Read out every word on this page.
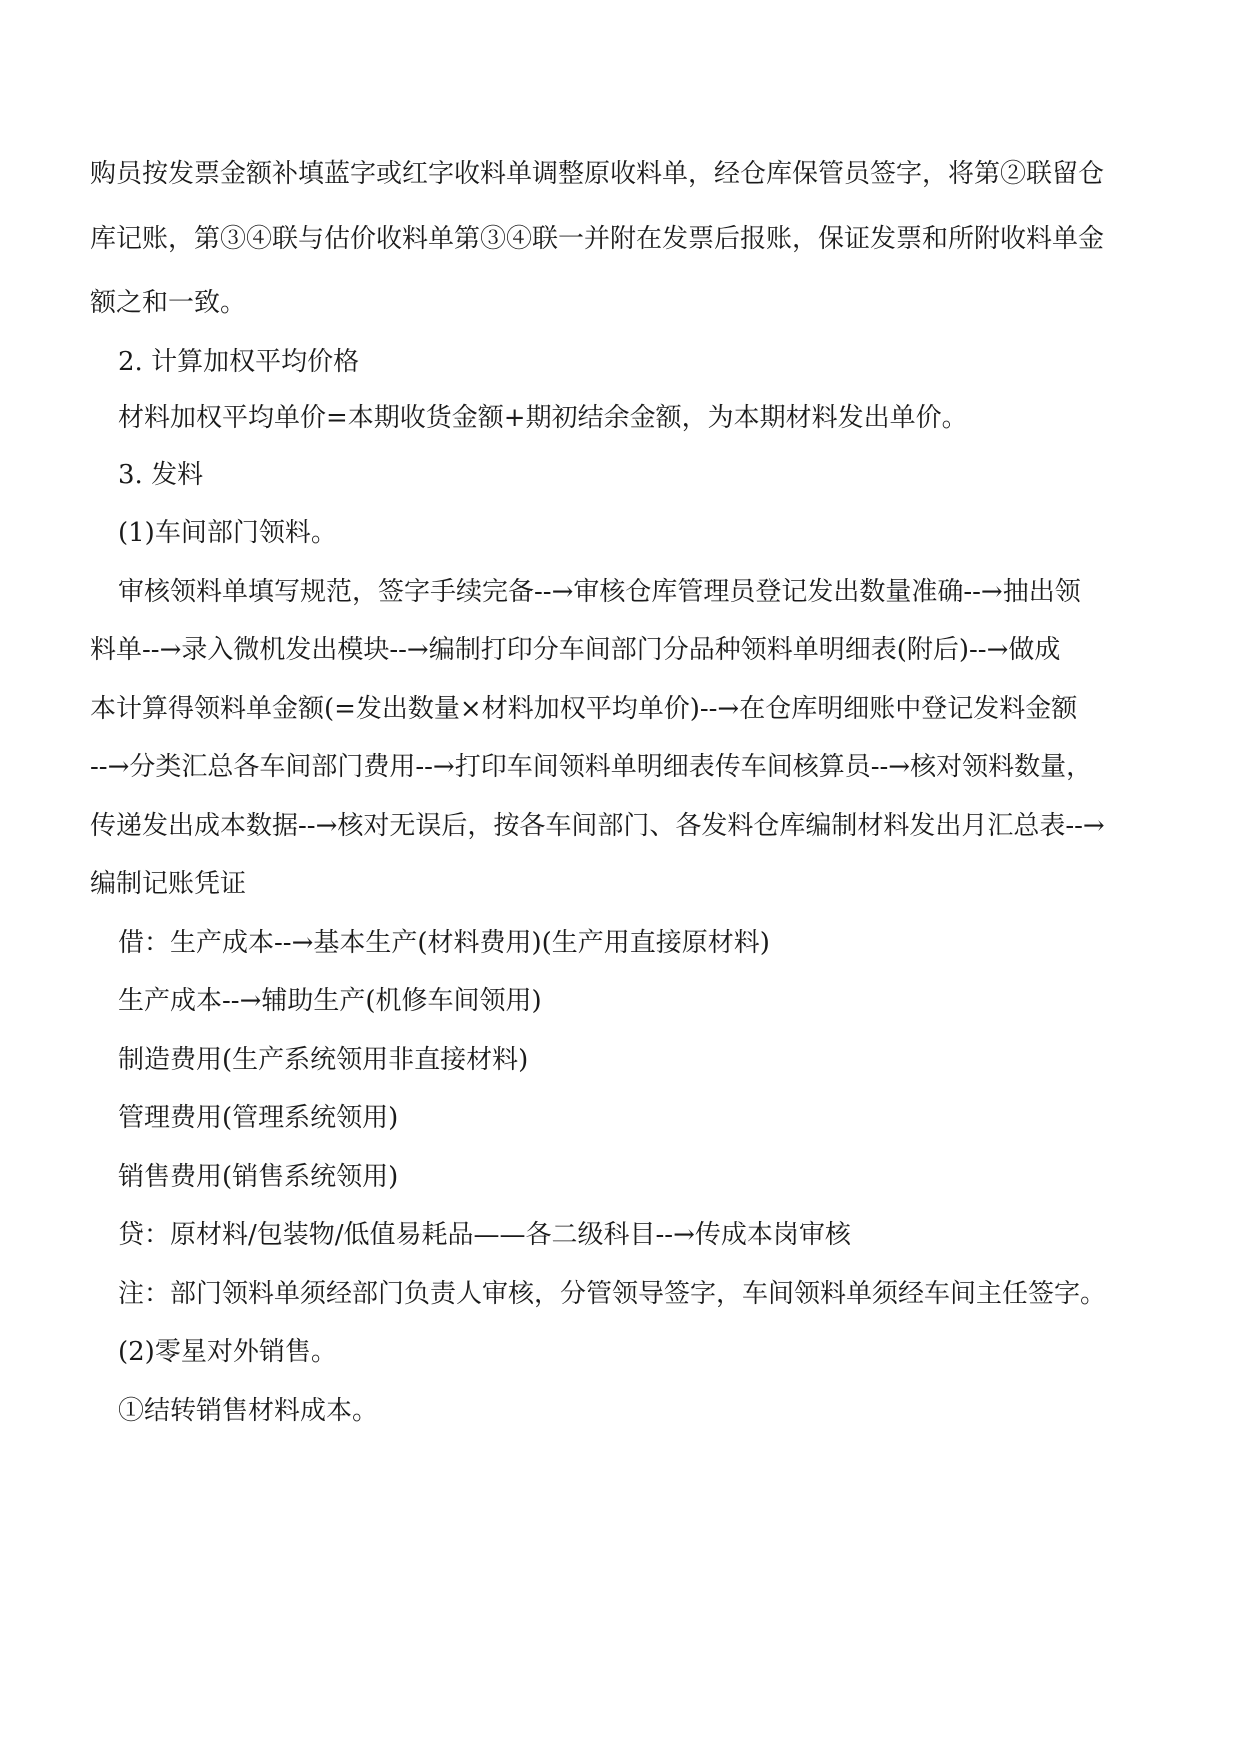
购员按发票金额补填蓝字或红字收料单调整原收料单，经仓库保管员签字，将第②联留仓

库记账，第③④联与估价收料单第③④联一并附在发票后报账，保证发票和所附收料单金

额之和一致。

2. 计算加权平均价格

材料加权平均单价=本期收货金额+期初结余金额，为本期材料发出单价。

3. 发料

(1)车间部门领料。

审核领料单填写规范，签字手续完备--→审核仓库管理员登记发出数量准确--→抽出领

料单--→录入微机发出模块--→编制打印分车间部门分品种领料单明细表(附后)--→做成

本计算得领料单金额(=发出数量×材料加权平均单价)--→在仓库明细账中登记发料金额

--→分类汇总各车间部门费用--→打印车间领料单明细表传车间核算员--→核对领料数量，

传递发出成本数据--→核对无误后，按各车间部门、各发料仓库编制材料发出月汇总表--→

编制记账凭证

借：生产成本--→基本生产(材料费用)(生产用直接原材料)

生产成本--→辅助生产(机修车间领用)

制造费用(生产系统领用非直接材料)

管理费用(管理系统领用)

销售费用(销售系统领用)

贷：原材料/包装物/低值易耗品——各二级科目--→传成本岗审核

注：部门领料单须经部门负责人审核，分管领导签字，车间领料单须经车间主任签字。

(2)零星对外销售。

①结转销售材料成本。
